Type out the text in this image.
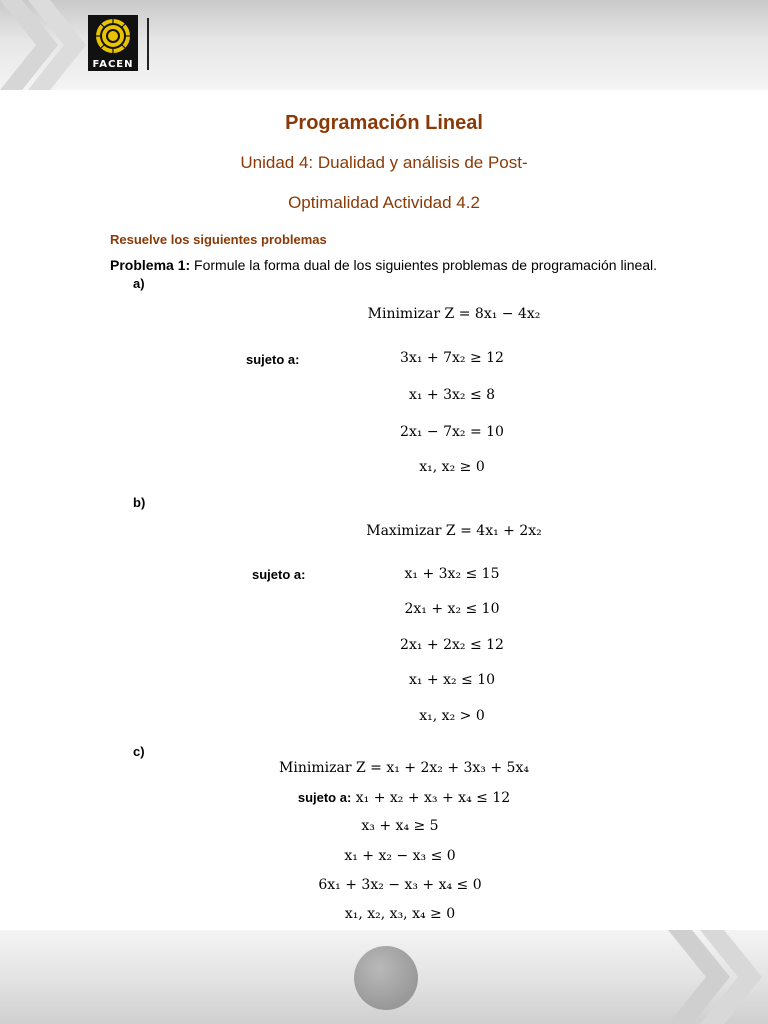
FACEN
Programación Lineal
Unidad 4: Dualidad y análisis de Post-
Optimalidad Actividad 4.2
Resuelve los siguientes problemas
Problema 1: Formule la forma dual de los siguientes problemas de programación lineal.
a)
Minimizar Z = 8x₁ − 4x₂
sujeto a:	3x₁ + 7x₂ ≥ 12
x₁ + 3x₂ ≤ 8
2x₁ − 7x₂ = 10
x₁, x₂ ≥ 0
b)
Maximizar Z = 4x₁ + 2x₂
sujeto a:	x₁ + 3x₂ ≤ 15
2x₁ + x₂ ≤ 10
2x₁ + 2x₂ ≤ 12
x₁ + x₂ ≤ 10
x₁, x₂ > 0
c)
Minimizar Z = x₁ + 2x₂ + 3x₃ + 5x₄
sujeto a: x₁ + x₂ + x₃ + x₄ ≤ 12
x₃ + x₄ ≥ 5
x₁ + x₂ − x₃ ≤ 0
6x₁ + 3x₂ − x₃ + x₄ ≤ 0
x₁, x₂, x₃, x₄ ≥ 0
